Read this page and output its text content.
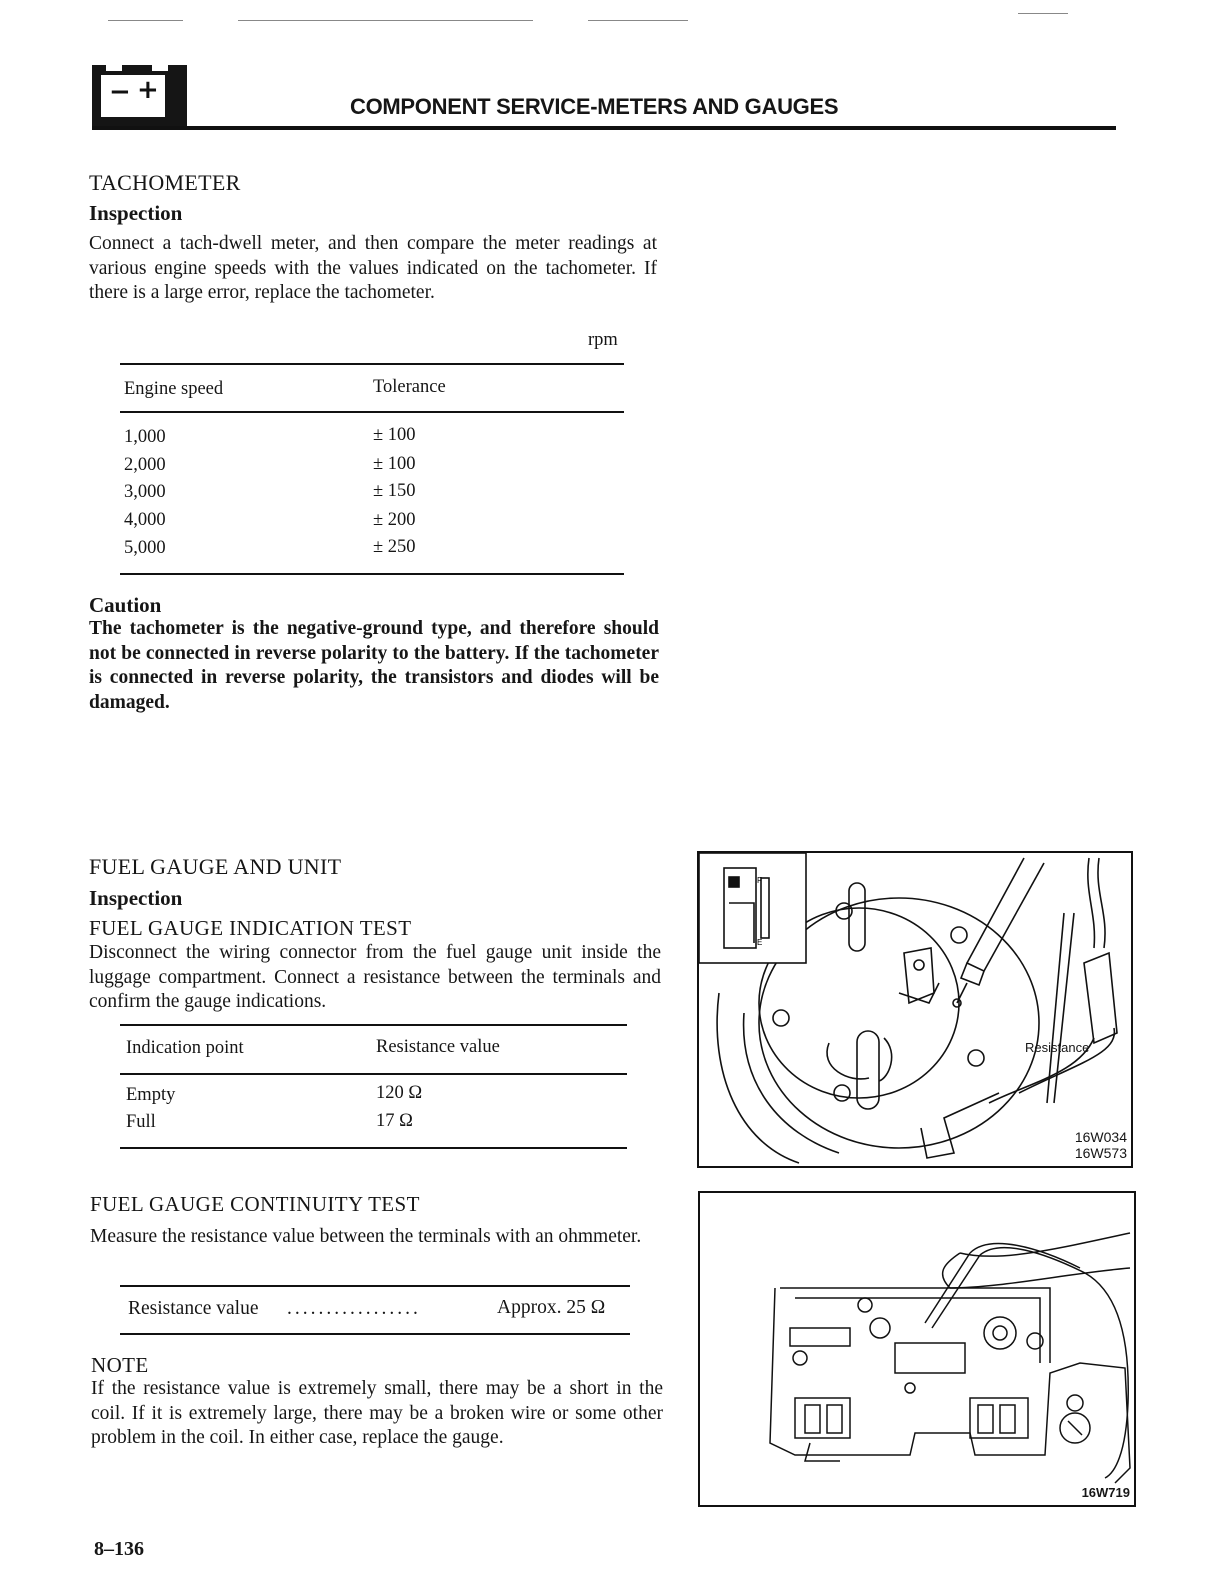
− +
COMPONENT SERVICE-METERS AND GAUGES
TACHOMETER
Inspection
Connect a tach-dwell meter, and then compare the meter readings at various engine speeds with the values indicated on the tachometer. If there is a large error, replace the tachometer.
rpm
Engine speed	Tolerance
1,000	± 100
2,000	± 100
3,000	± 150
4,000	± 200
5,000	± 250
Caution
The tachometer is the negative-ground type, and therefore should not be connected in reverse polarity to the battery. If the tachometer is connected in reverse polarity, the transistors and diodes will be damaged.
FUEL GAUGE AND UNIT
Inspection
FUEL GAUGE INDICATION TEST
Disconnect the wiring connector from the fuel gauge unit inside the luggage compartment. Connect a resistance between the terminals and confirm the gauge indications.
Indication point	Resistance value
Empty	120 Ω
Full	17 Ω
FUEL GAUGE CONTINUITY TEST
Measure the resistance value between the terminals with an ohmmeter.
Resistance value .................	Approx. 25 Ω
NOTE
If the resistance value is extremely small, there may be a short in the coil. If it is extremely large, there may be a broken wire or some other problem in the coil. In either case, replace the gauge.
F
E
Resistance
16W034
16W573
16W719
8–136
